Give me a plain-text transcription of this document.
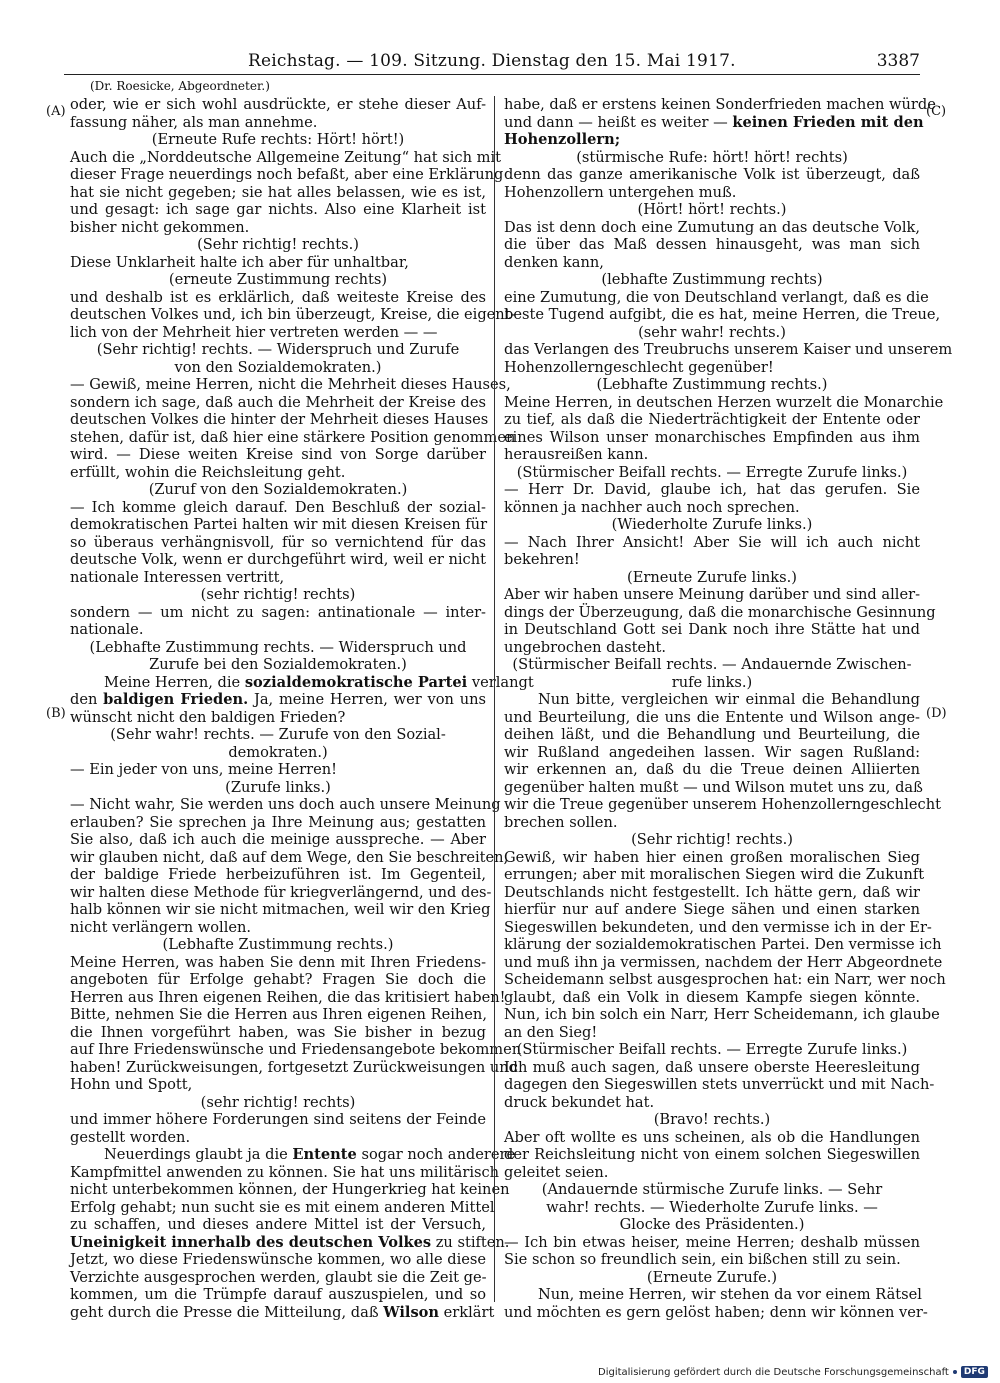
Reichstag. — 109. Sitzung. Dienstag den 15. Mai 1917.	3387
(Dr. Roesicke, Abgeordneter.)
(A)
(B)
(C)
(D)
oder, wie er sich wohl ausdrückte, er stehe dieser Auf-
fassung näher, als man annehme.
(Erneute Rufe rechts: Hört! hört!)
Auch die „Norddeutsche Allgemeine Zeitung“ hat sich mit
dieser Frage neuerdings noch befaßt, aber eine Erklärung
hat sie nicht gegeben; sie hat alles belassen, wie es ist,
und gesagt: ich sage gar nichts. Also eine Klarheit ist
bisher nicht gekommen.
(Sehr richtig! rechts.)
Diese Unklarheit halte ich aber für unhaltbar,
(erneute Zustimmung rechts)
und deshalb ist es erklärlich, daß weiteste Kreise des
deutschen Volkes und, ich bin überzeugt, Kreise, die eigent-
lich von der Mehrheit hier vertreten werden — —
(Sehr richtig! rechts. — Widerspruch und Zurufe
von den Sozialdemokraten.)
— Gewiß, meine Herren, nicht die Mehrheit dieses Hauses,
sondern ich sage, daß auch die Mehrheit der Kreise des
deutschen Volkes die hinter der Mehrheit dieses Hauses
stehen, dafür ist, daß hier eine stärkere Position genommen
wird. — Diese weiten Kreise sind von Sorge darüber
erfüllt, wohin die Reichsleitung geht.
(Zuruf von den Sozialdemokraten.)
— Ich komme gleich darauf. Den Beschluß der sozial-
demokratischen Partei halten wir mit diesen Kreisen für
so überaus verhängnisvoll, für so vernichtend für das
deutsche Volk, wenn er durchgeführt wird, weil er nicht
nationale Interessen vertritt,
(sehr richtig! rechts)
sondern — um nicht zu sagen: antinationale — inter-
nationale.
(Lebhafte Zustimmung rechts. — Widerspruch und
Zurufe bei den Sozialdemokraten.)
Meine Herren, die sozialdemokratische Partei verlangt
den baldigen Frieden. Ja, meine Herren, wer von uns
wünscht nicht den baldigen Frieden?
(Sehr wahr! rechts. — Zurufe von den Sozial-
demokraten.)
— Ein jeder von uns, meine Herren!
(Zurufe links.)
— Nicht wahr, Sie werden uns doch auch unsere Meinung
erlauben? Sie sprechen ja Ihre Meinung aus; gestatten
Sie also, daß ich auch die meinige ausspreche. — Aber
wir glauben nicht, daß auf dem Wege, den Sie beschreiten,
der baldige Friede herbeizuführen ist. Im Gegenteil,
wir halten diese Methode für kriegverlängernd, und des-
halb können wir sie nicht mitmachen, weil wir den Krieg
nicht verlängern wollen.
(Lebhafte Zustimmung rechts.)
Meine Herren, was haben Sie denn mit Ihren Friedens-
angeboten für Erfolge gehabt? Fragen Sie doch die
Herren aus Ihren eigenen Reihen, die das kritisiert haben!
Bitte, nehmen Sie die Herren aus Ihren eigenen Reihen,
die Ihnen vorgeführt haben, was Sie bisher in bezug
auf Ihre Friedenswünsche und Friedensangebote bekommen
haben! Zurückweisungen, fortgesetzt Zurückweisungen und
Hohn und Spott,
(sehr richtig! rechts)
und immer höhere Forderungen sind seitens der Feinde
gestellt worden.
Neuerdings glaubt ja die Entente sogar noch anderere
Kampfmittel anwenden zu können. Sie hat uns militärisch
nicht unterbekommen können, der Hungerkrieg hat keinen
Erfolg gehabt; nun sucht sie es mit einem anderen Mittel
zu schaffen, und dieses andere Mittel ist der Versuch,
Uneinigkeit innerhalb des deutschen Volkes zu stiften.
Jetzt, wo diese Friedenswünsche kommen, wo alle diese
Verzichte ausgesprochen werden, glaubt sie die Zeit ge-
kommen, um die Trümpfe darauf auszuspielen, und so
geht durch die Presse die Mitteilung, daß Wilson erklärt
habe, daß er erstens keinen Sonderfrieden machen würde
und dann — heißt es weiter — keinen Frieden mit den
Hohenzollern;
(stürmische Rufe: hört! hört! rechts)
denn das ganze amerikanische Volk ist überzeugt, daß
Hohenzollern untergehen muß.
(Hört! hört! rechts.)
Das ist denn doch eine Zumutung an das deutsche Volk,
die über das Maß dessen hinausgeht, was man sich
denken kann,
(lebhafte Zustimmung rechts)
eine Zumutung, die von Deutschland verlangt, daß es die
beste Tugend aufgibt, die es hat, meine Herren, die Treue,
(sehr wahr! rechts.)
das Verlangen des Treubruchs unserem Kaiser und unserem
Hohenzollerngeschlecht gegenüber!
(Lebhafte Zustimmung rechts.)
Meine Herren, in deutschen Herzen wurzelt die Monarchie
zu tief, als daß die Niederträchtigkeit der Entente oder
eines Wilson unser monarchisches Empfinden aus ihm
herausreißen kann.
(Stürmischer Beifall rechts. — Erregte Zurufe links.)
— Herr Dr. David, glaube ich, hat das gerufen. Sie
können ja nachher auch noch sprechen.
(Wiederholte Zurufe links.)
— Nach Ihrer Ansicht! Aber Sie will ich auch nicht
bekehren!
(Erneute Zurufe links.)
Aber wir haben unsere Meinung darüber und sind aller-
dings der Überzeugung, daß die monarchische Gesinnung
in Deutschland Gott sei Dank noch ihre Stätte hat und
ungebrochen dasteht.
(Stürmischer Beifall rechts. — Andauernde Zwischen-
rufe links.)
Nun bitte, vergleichen wir einmal die Behandlung
und Beurteilung, die uns die Entente und Wilson ange-
deihen läßt, und die Behandlung und Beurteilung, die
wir Rußland angedeihen lassen. Wir sagen Rußland:
wir erkennen an, daß du die Treue deinen Alliierten
gegenüber halten mußt — und Wilson mutet uns zu, daß
wir die Treue gegenüber unserem Hohenzollerngeschlecht
brechen sollen.
(Sehr richtig! rechts.)
Gewiß, wir haben hier einen großen moralischen Sieg
errungen; aber mit moralischen Siegen wird die Zukunft
Deutschlands nicht festgestellt. Ich hätte gern, daß wir
hierfür nur auf andere Siege sähen und einen starken
Siegeswillen bekundeten, und den vermisse ich in der Er-
klärung der sozialdemokratischen Partei. Den vermisse ich
und muß ihn ja vermissen, nachdem der Herr Abgeordnete
Scheidemann selbst ausgesprochen hat: ein Narr, wer noch
glaubt, daß ein Volk in diesem Kampfe siegen könnte.
Nun, ich bin solch ein Narr, Herr Scheidemann, ich glaube
an den Sieg!
(Stürmischer Beifall rechts. — Erregte Zurufe links.)
Ich muß auch sagen, daß unsere oberste Heeresleitung
dagegen den Siegeswillen stets unverrückt und mit Nach-
druck bekundet hat.
(Bravo! rechts.)
Aber oft wollte es uns scheinen, als ob die Handlungen
der Reichsleitung nicht von einem solchen Siegeswillen
geleitet seien.
(Andauernde stürmische Zurufe links. — Sehr
wahr! rechts. — Wiederholte Zurufe links. —
Glocke des Präsidenten.)
— Ich bin etwas heiser, meine Herren; deshalb müssen
Sie schon so freundlich sein, ein bißchen still zu sein.
(Erneute Zurufe.)
Nun, meine Herren, wir stehen da vor einem Rätsel
und möchten es gern gelöst haben; denn wir können ver-
Digitalisierung gefördert durch die Deutsche Forschungsgemeinschaft DFG
